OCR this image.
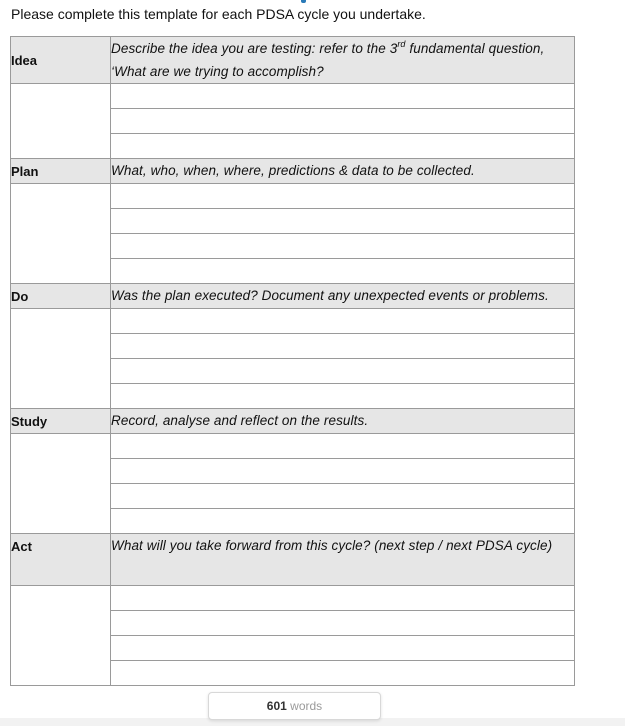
Please complete this template for each PDSA cycle you undertake.
Idea	Describe the idea you are testing: refer to the 3rd fundamental question, ‘What are we trying to accomplish?

Plan	What, who, when, where, predictions & data to be collected.

Do	Was the plan executed? Document any unexpected events or problems.

Study	Record, analyse and reflect on the results.

Act	What will you take forward from this cycle? (next step / next PDSA cycle)

601 words
